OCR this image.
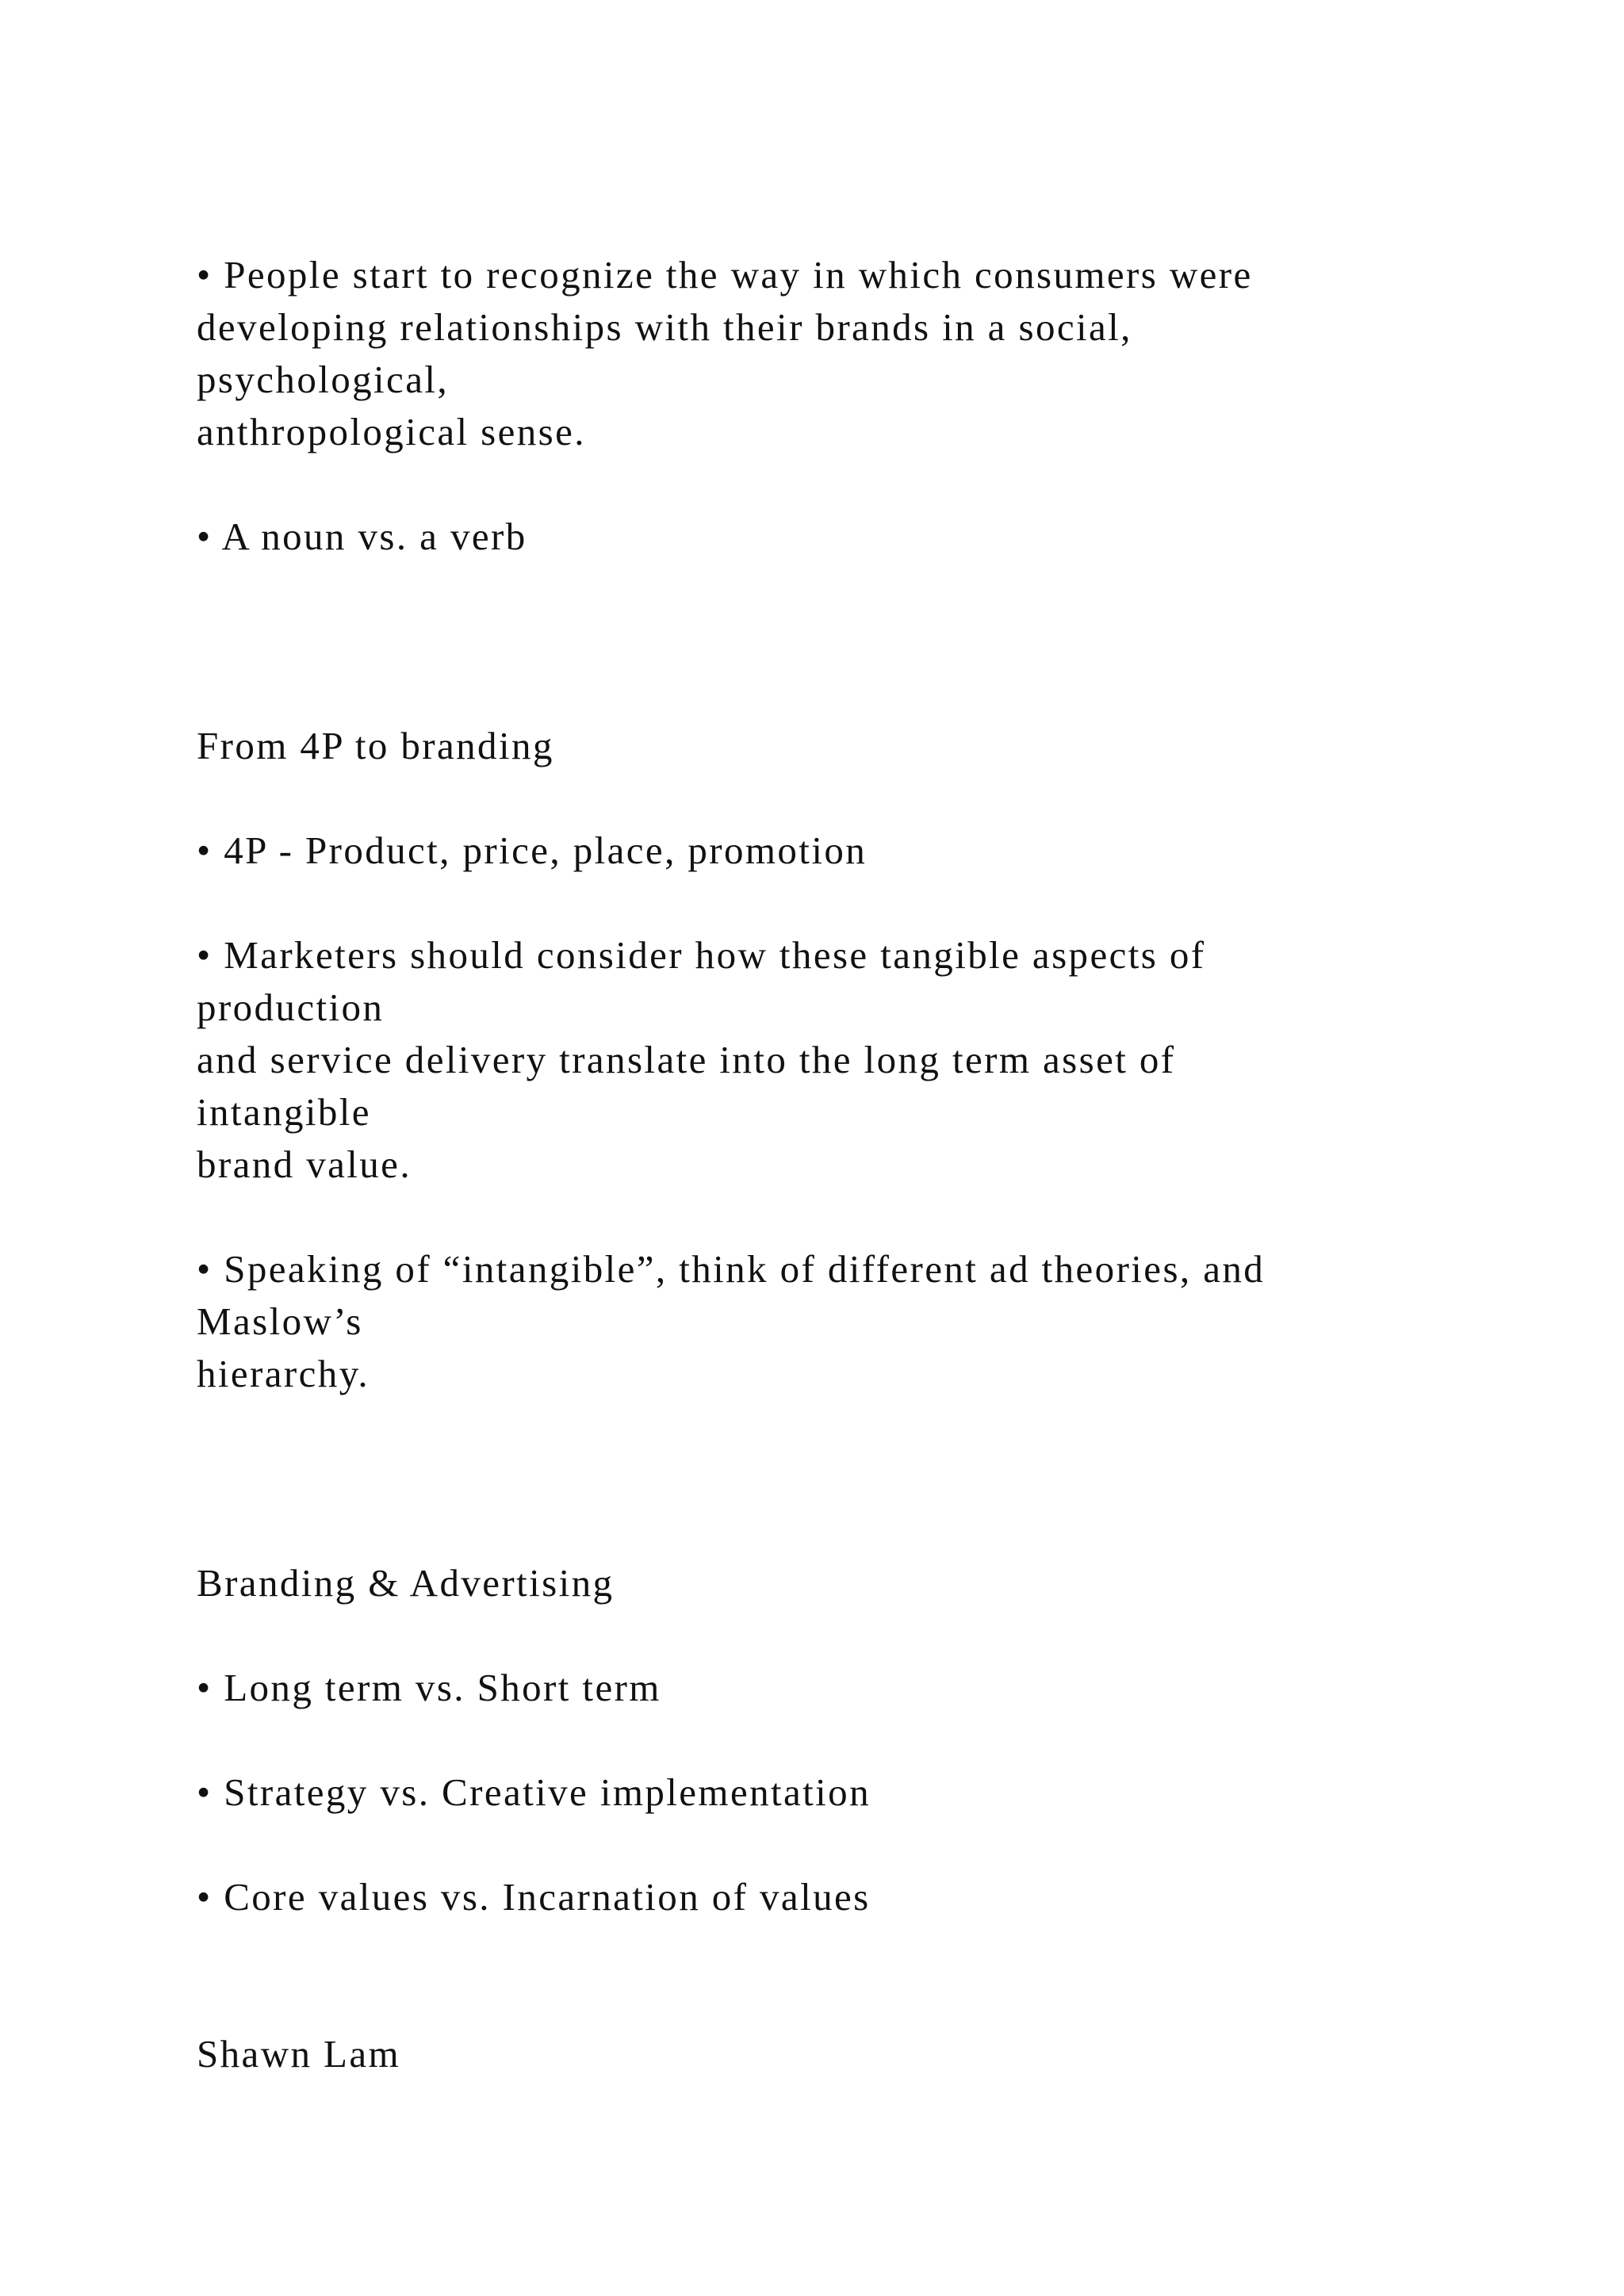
• People start to recognize the way in which consumers were
developing relationships with their brands in a social,
psychological,
anthropological sense.
• A noun vs. a verb
From 4P to branding
• 4P - Product, price, place, promotion
• Marketers should consider how these tangible aspects of
production
and service delivery translate into the long term asset of
intangible
brand value.
• Speaking of “intangible”, think of different ad theories, and
Maslow’s
hierarchy.
Branding & Advertising
• Long term vs. Short term
• Strategy vs. Creative implementation
• Core values vs. Incarnation of values
Shawn Lam
